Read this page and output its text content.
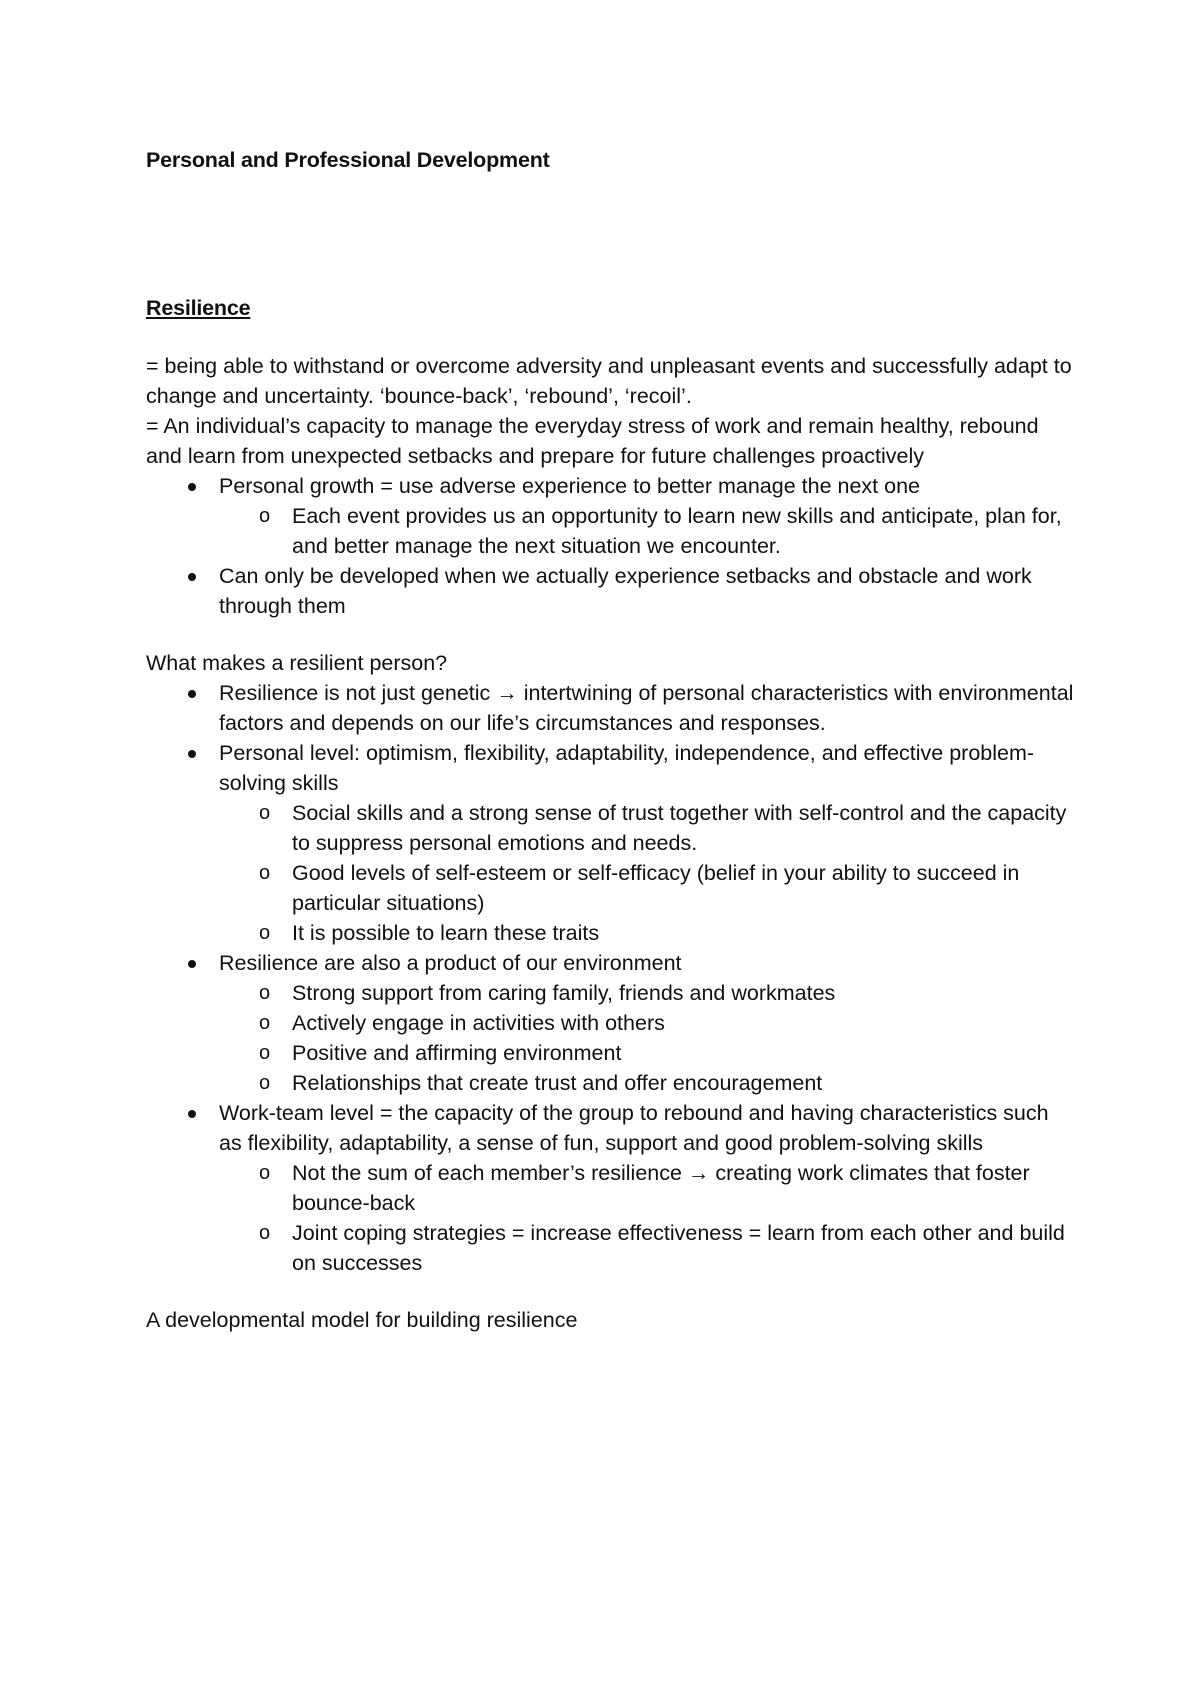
Personal and Professional Development

Resilience

= being able to withstand or overcome adversity and unpleasant events and successfully adapt to change and uncertainty. ‘bounce-back’, ‘rebound’, ‘recoil’.

= An individual’s capacity to manage the everyday stress of work and remain healthy, rebound and learn from unexpected setbacks and prepare for future challenges proactively

Personal growth = use adverse experience to better manage the next one
o Each event provides us an opportunity to learn new skills and anticipate, plan for, and better manage the next situation we encounter.
Can only be developed when we actually experience setbacks and obstacle and work through them

What makes a resilient person?

Resilience is not just genetic → intertwining of personal characteristics with environmental factors and depends on our life’s circumstances and responses.
Personal level: optimism, flexibility, adaptability, independence, and effective problem-solving skills
o Social skills and a strong sense of trust together with self-control and the capacity to suppress personal emotions and needs.
o Good levels of self-esteem or self-efficacy (belief in your ability to succeed in particular situations)
o It is possible to learn these traits
Resilience are also a product of our environment
o Strong support from caring family, friends and workmates
o Actively engage in activities with others
o Positive and affirming environment
o Relationships that create trust and offer encouragement
Work-team level = the capacity of the group to rebound and having characteristics such as flexibility, adaptability, a sense of fun, support and good problem-solving skills
o Not the sum of each member’s resilience → creating work climates that foster bounce-back
o Joint coping strategies = increase effectiveness = learn from each other and build on successes

A developmental model for building resilience
